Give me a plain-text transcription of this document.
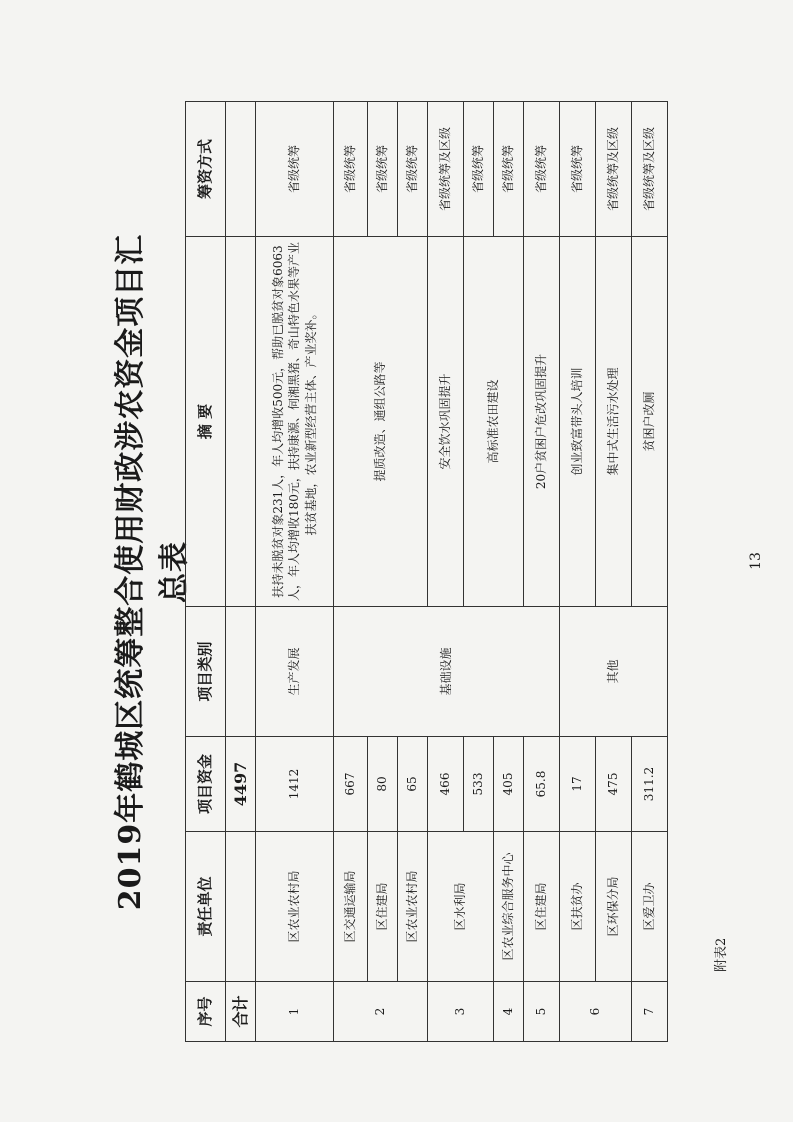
附表2
2019年鹤城区统筹整合使用财政涉农资金项目汇总表
序号	责任单位	项目资金	项目类别	摘 要	筹资方式
合计		4497			
1	区农业农村局	1412	生产发展	扶持未脱贫对象231人，年人均增收500元，帮助已脱贫对象6063人，年人均增收180元，扶持康源、伺湘黑猪、奇山特色水果等产业扶贫基地，农业新型经营主体、产业奖补。	省级统筹
2	区交通运输局	667	基础设施	提质改造、通组公路等	省级统筹
	区住建局	80			省级统筹
	区农业农村局	65			省级统筹
3	区水利局	466		安全饮水巩固提升	省级统筹及区级
		533		高标准农田建设	省级统筹
4	区农业综合服务中心	405			省级统筹
5	区住建局	65.8		20户贫困户危改巩固提升	省级统筹
6	区扶贫办	17	其他	创业致富带头人培训	省级统筹
	区环保分局	475		集中式生活污水处理	省级统筹及区级
7	区爱卫办	311.2		贫困户改厕	省级统筹及区级
13
